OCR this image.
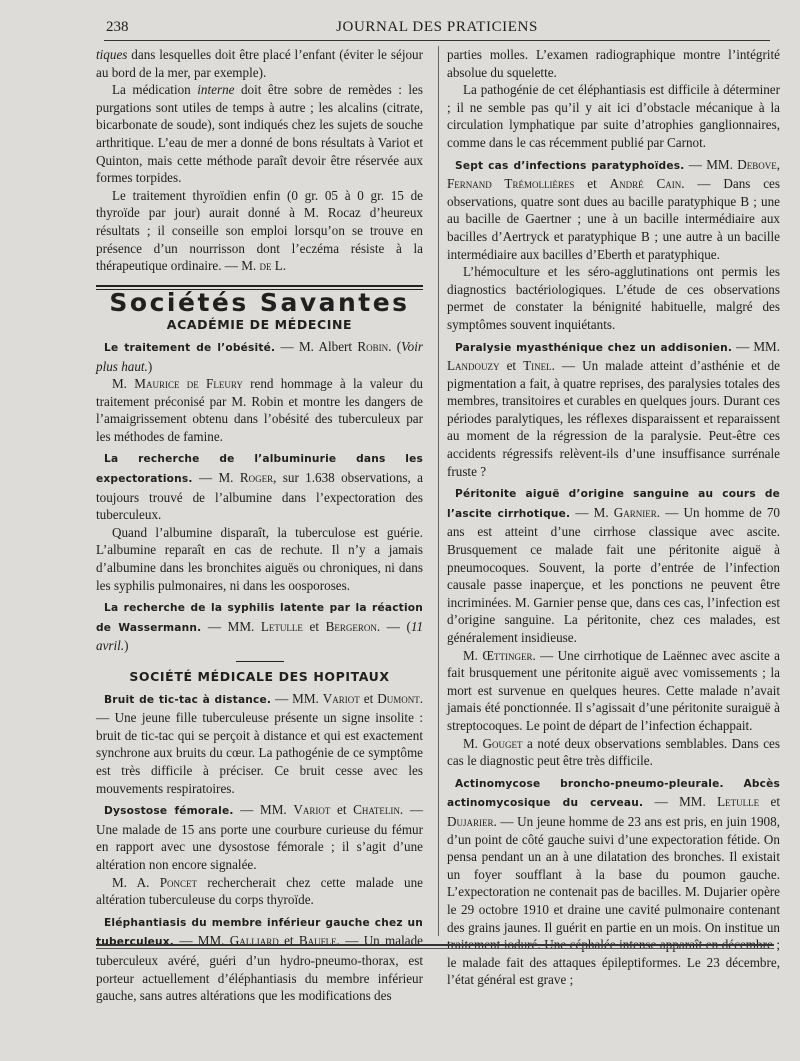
238	JOURNAL DES PRATICIENS

tiques dans lesquelles doit être placé l’enfant (éviter le séjour au bord de la mer, par exemple).

La médication interne doit être sobre de remèdes : les purgations sont utiles de temps à autre ; les alcalins (citrate, bicarbonate de soude), sont indiqués chez les sujets de souche arthritique. L’eau de mer a donné de bons résultats à Variot et Quinton, mais cette méthode paraît devoir être réservée aux formes torpides.

Le traitement thyroïdien enfin (0 gr. 05 à 0 gr. 15 de thyroïde par jour) aurait donné à M. Rocaz d’heureux résultats ; il conseille son emploi lorsqu’on se trouve en présence d’un nourrisson dont l’eczéma résiste à la thérapeutique ordinaire. — M. de L.

Sociétés Savantes
ACADÉMIE DE MÉDECINE

Le traitement de l’obésité. — M. Albert Robin. (Voir plus haut.)

M. Maurice de Fleury rend hommage à la valeur du traitement préconisé par M. Robin et montre les dangers de l’amaigrissement obtenu dans l’obésité des tuberculeux par les méthodes de famine.

La recherche de l’albuminurie dans les expectorations. — M. Roger, sur 1.638 observations, a toujours trouvé de l’albumine dans l’expectoration des tuberculeux.

Quand l’albumine disparaît, la tuberculose est guérie. L’albumine reparaît en cas de rechute. Il n’y a jamais d’albumine dans les bronchites aiguës ou chroniques, ni dans les syphilis pulmonaires, ni dans les oosporoses.

La recherche de la syphilis latente par la réaction de Wassermann. — MM. Letulle et Bergeron. — (11 avril.)

SOCIÉTÉ MÉDICALE DES HOPITAUX

Bruit de tic-tac à distance. — MM. Variot et Dumont. — Une jeune fille tuberculeuse présente un signe insolite : bruit de tic-tac qui se perçoit à distance et qui est exactement synchrone aux bruits du cœur. La pathogénie de ce symptôme est très difficile à préciser. Ce bruit cesse avec les mouvements respiratoires.

Dysostose fémorale. — MM. Variot et Chatelin. — Une malade de 15 ans porte une courbure curieuse du fémur en rapport avec une dysostose fémorale ; il s’agit d’une altération non encore signalée.

M. A. Poncet rechercherait chez cette malade une altération tuberculeuse du corps thyroïde.

Eléphantiasis du membre inférieur gauche chez un tuberculeux. — MM. Galliard et Baufle. — Un malade tuberculeux avéré, guéri d’un hydro-pneumo-thorax, est porteur actuellement d’éléphantiasis du membre inférieur gauche, sans autres altérations que les modifications des

parties molles. L’examen radiographique montre l’intégrité absolue du squelette.

La pathogénie de cet éléphantiasis est difficile à déterminer ; il ne semble pas qu’il y ait ici d’obstacle mécanique à la circulation lymphatique par suite d’atrophies ganglionnaires, comme dans le cas récemment publié par Carnot.

Sept cas d’infections paratyphoïdes. — MM. Debove, Fernand Trémollières et André Cain. — Dans ces observations, quatre sont dues au bacille paratyphique B ; une au bacille de Gaertner ; une à un bacille intermédiaire aux bacilles d’Aertryck et paratyphique B ; une autre à un bacille intermédiaire aux bacilles d’Eberth et paratyphique.

L’hémoculture et les séro-agglutinations ont permis les diagnostics bactériologiques. L’étude de ces observations permet de constater la bénignité habituelle, malgré des symptômes souvent inquiétants.

Paralysie myasthénique chez un addisonien. — MM. Landouzy et Tinel. — Un malade atteint d’asthénie et de pigmentation a fait, à quatre reprises, des paralysies totales des membres, transitoires et curables en quelques jours. Durant ces périodes paralytiques, les réflexes disparaissent et reparaissent au moment de la régression de la paralysie. Peut-être ces accidents régressifs relèvent-ils d’une insuffisance surrénale fruste ?

Péritonite aiguë d’origine sanguine au cours de l’ascite cirrhotique. — M. Garnier. — Un homme de 70 ans est atteint d’une cirrhose classique avec ascite. Brusquement ce malade fait une péritonite aiguë à pneumocoques. Souvent, la porte d’entrée de l’infection causale passe inaperçue, et les ponctions ne peuvent être incriminées. M. Garnier pense que, dans ces cas, l’infection est d’origine sanguine. La péritonite, chez ces malades, est généralement insidieuse.

M. Œttinger. — Une cirrhotique de Laënnec avec ascite a fait brusquement une péritonite aiguë avec vomissements ; la mort est survenue en quelques heures. Cette malade n’avait jamais été ponctionnée. Il s’agissait d’une péritonite suraiguë à streptocoques. Le point de départ de l’infection échappait.

M. Gouget a noté deux observations semblables. Dans ces cas le diagnostic peut être très difficile.

Actinomycose broncho-pneumo-pleurale. Abcès actinomycosique du cerveau. — MM. Letulle et Dujarier. — Un jeune homme de 23 ans est pris, en juin 1908, d’un point de côté gauche suivi d’une expectoration fétide. On pensa pendant un an à une dilatation des bronches. Il existait un foyer soufflant à la base du poumon gauche. L’expectoration ne contenait pas de bacilles. M. Dujarier opère le 29 octobre 1910 et draine une cavité pulmonaire contenant des grains jaunes. Il guérit en partie en un mois. On institue un traitement ioduré. Une céphalée intense apparaît en décembre ; le malade fait des attaques épileptiformes. Le 23 décembre, l’état général est grave ;
